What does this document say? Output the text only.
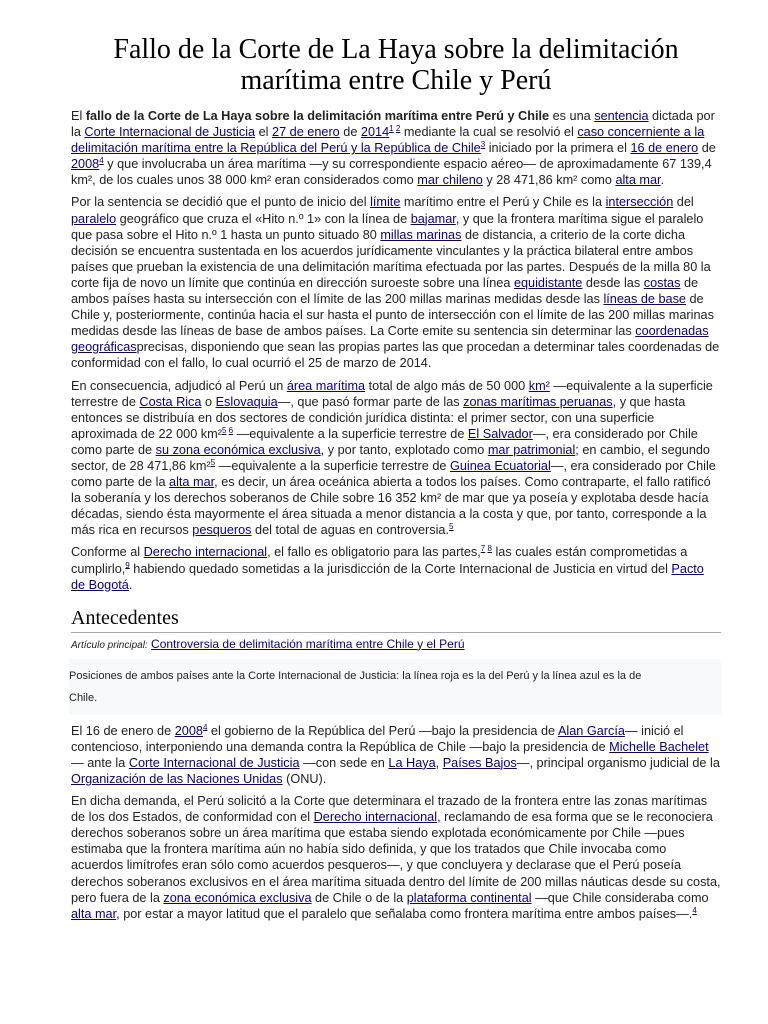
Fallo de la Corte de La Haya sobre la delimitación
marítima entre Chile y Perú

El fallo de la Corte de La Haya sobre la delimitación marítima entre Perú y Chile es una sentencia dictada por la Corte Internacional de Justicia el 27 de enero de 2014$^{1 2}$ mediante la cual se resolvió el caso concerniente a la delimitación marítima entre la República del Perú y la República de Chile$^3$ iniciado por la primera el 16 de enero de 2008$^4$ y que involucraba un área marítima —y su correspondiente espacio aéreo— de aproximadamente 67 139,4 km², de los cuales unos 38 000 km² eran considerados como mar chileno y 28 471,86 km² como alta mar.

Por la sentencia se decidió que el punto de inicio del límite marítimo entre el Perú y Chile es la intersección del paralelo geográfico que cruza el «Hito n.º 1» con la línea de bajamar, y que la frontera marítima sigue el paralelo que pasa sobre el Hito n.º 1 hasta un punto situado 80 millas marinas de distancia, a criterio de la corte dicha decisión se encuentra sustentada en los acuerdos jurídicamente vinculantes y la práctica bilateral entre ambos países que prueban la existencia de una delimitación marítima efectuada por las partes. Después de la milla 80 la corte fija de novo un límite que continúa en dirección suroeste sobre una línea equidistante desde las costas de ambos países hasta su intersección con el límite de las 200 millas marinas medidas desde las líneas de base de Chile y, posteriormente, continúa hacia el sur hasta el punto de intersección con el límite de las 200 millas marinas medidas desde las líneas de base de ambos países. La Corte emite su sentencia sin determinar las coordenadas geográficasprecisas, disponiendo que sean las propias partes las que procedan a determinar tales coordenadas de conformidad con el fallo, lo cual ocurrió el 25 de marzo de 2014.

En consecuencia, adjudicó al Perú un área marítima total de algo más de 50 000 km² —equivalente a la superficie terrestre de Costa Rica o Eslovaquia—, que pasó formar parte de las zonas marítimas peruanas, y que hasta entonces se distribuía en dos sectores de condición jurídica distinta: el primer sector, con una superficie aproximada de 22 000 km²$^{5 6}$ —equivalente a la superficie terrestre de El Salvador—, era considerado por Chile como parte de su zona económica exclusiva, y por tanto, explotado como mar patrimonial; en cambio, el segundo sector, de 28 471,86 km²$^5$ —equivalente a la superficie terrestre de Guinea Ecuatorial—, era considerado por Chile como parte de la alta mar, es decir, un área oceánica abierta a todos los países. Como contraparte, el fallo ratificó la soberanía y los derechos soberanos de Chile sobre 16 352 km² de mar que ya poseía y explotaba desde hacía décadas, siendo ésta mayormente el área situada a menor distancia a la costa y que, por tanto, corresponde a la más rica en recursos pesqueros del total de aguas en controversia.$^5$

Conforme al Derecho internacional, el fallo es obligatorio para las partes,$^{7 8}$ las cuales están comprometidas a cumplirlo,$^9$ habiendo quedado sometidas a la jurisdicción de la Corte Internacional de Justicia en virtud del Pacto de Bogotá.

Antecedentes
Artículo principal: Controversia de delimitación marítima entre Chile y el Perú
Posiciones de ambos países ante la Corte Internacional de Justicia: la línea roja es la del Perú y la línea azul es la de
Chile.

El 16 de enero de 2008$^4$ el gobierno de la República del Perú —bajo la presidencia de Alan García— inició el contencioso, interponiendo una demanda contra la República de Chile —bajo la presidencia de Michelle Bachelet— ante la Corte Internacional de Justicia —con sede en La Haya, Países Bajos—, principal organismo judicial de la Organización de las Naciones Unidas (ONU).

En dicha demanda, el Perú solicitó a la Corte que determinara el trazado de la frontera entre las zonas marítimas de los dos Estados, de conformidad con el Derecho internacional, reclamando de esa forma que se le reconociera derechos soberanos sobre un área marítima que estaba siendo explotada económicamente por Chile —pues estimaba que la frontera marítima aún no había sido definida, y que los tratados que Chile invocaba como acuerdos limítrofes eran sólo como acuerdos pesqueros—, y que concluyera y declarase que el Perú poseía derechos soberanos exclusivos en el área marítima situada dentro del límite de 200 millas náuticas desde su costa, pero fuera de la zona económica exclusiva de Chile o de la plataforma continental —que Chile consideraba como alta mar, por estar a mayor latitud que el paralelo que señalaba como frontera marítima entre ambos países—.$^4$
